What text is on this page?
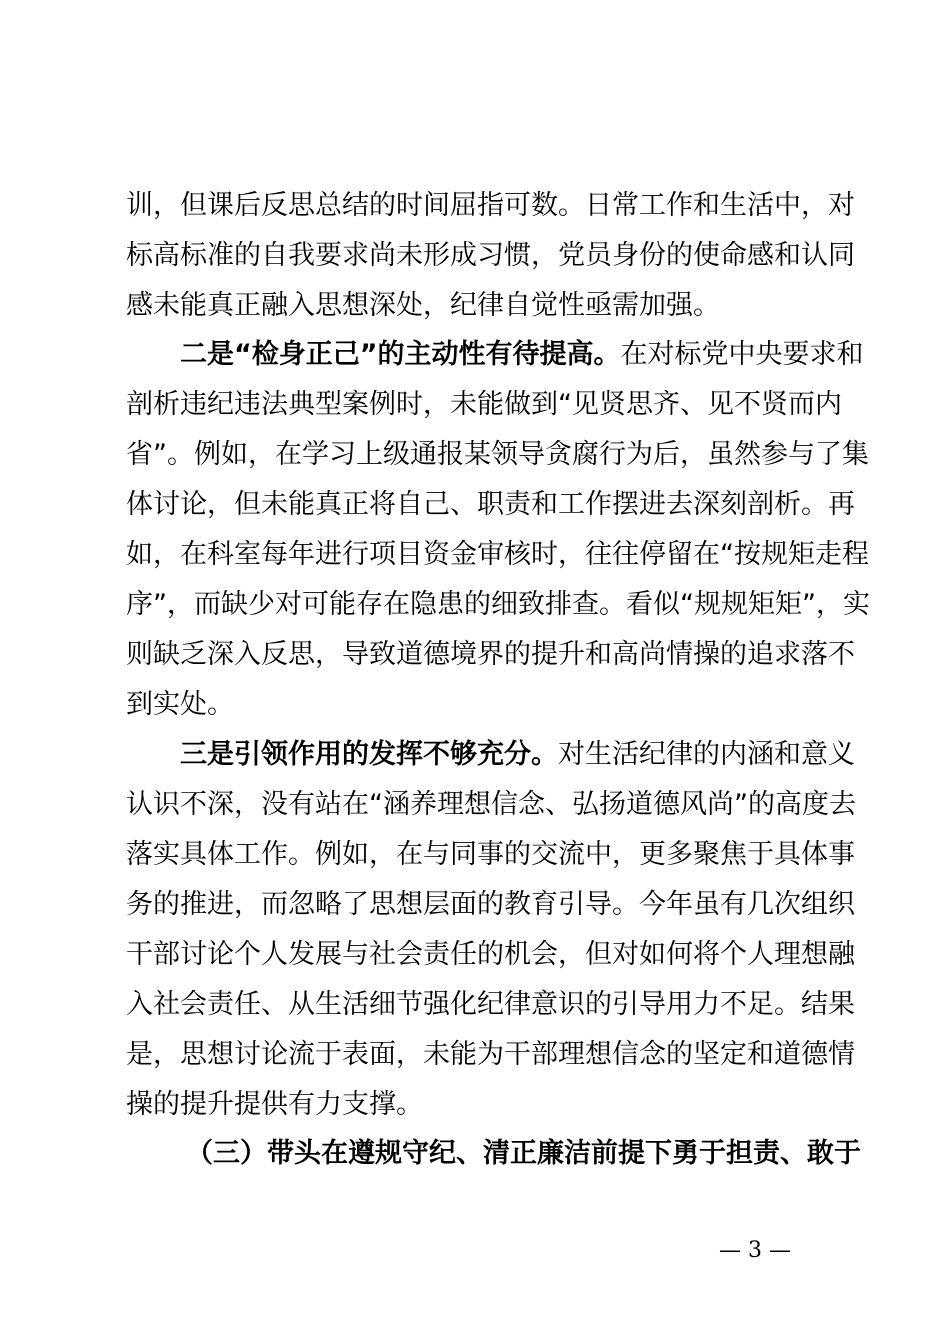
训，但课后反思总结的时间屈指可数。日常工作和生活中，对
标高标准的自我要求尚未形成习惯，党员身份的使命感和认同
感未能真正融入思想深处，纪律自觉性亟需加强。
二是“检身正己”的主动性有待提高。在对标党中央要求和
剖析违纪违法典型案例时，未能做到“见贤思齐、见不贤而内
省”。例如，在学习上级通报某领导贪腐行为后，虽然参与了集
体讨论，但未能真正将自己、职责和工作摆进去深刻剖析。再
如，在科室每年进行项目资金审核时，往往停留在“按规矩走程
序”，而缺少对可能存在隐患的细致排查。看似“规规矩矩”，实
则缺乏深入反思，导致道德境界的提升和高尚情操的追求落不
到实处。
三是引领作用的发挥不够充分。对生活纪律的内涵和意义
认识不深，没有站在“涵养理想信念、弘扬道德风尚”的高度去
落实具体工作。例如，在与同事的交流中，更多聚焦于具体事
务的推进，而忽略了思想层面的教育引导。今年虽有几次组织
干部讨论个人发展与社会责任的机会，但对如何将个人理想融
入社会责任、从生活细节强化纪律意识的引导用力不足。结果
是，思想讨论流于表面，未能为干部理想信念的坚定和道德情
操的提升提供有力支撑。
（三）带头在遵规守纪、清正廉洁前提下勇于担责、敢于
— 3 —
